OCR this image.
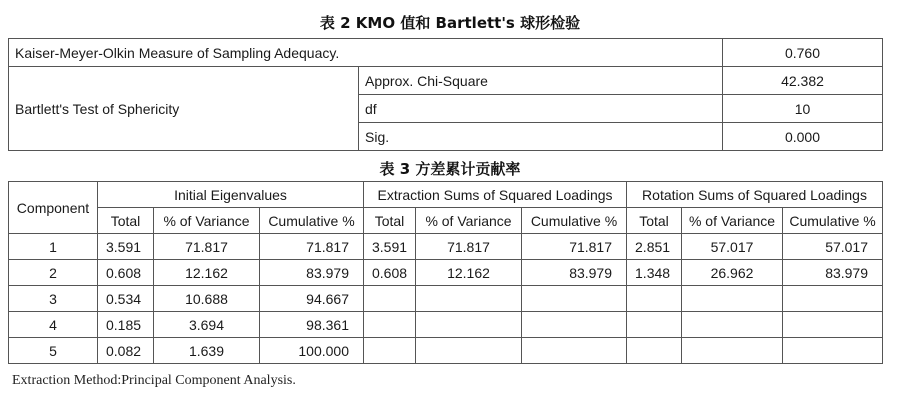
表 2 KMO 值和 Bartlett's 球形检验
Kaiser-Meyer-Olkin Measure of Sampling Adequacy.		0.760
Bartlett's Test of Sphericity	Approx. Chi-Square	42.382
	df	10
	Sig.	0.000
表 3 方差累计贡献率
Component	Initial Eigenvalues			Extraction Sums of Squared Loadings			Rotation Sums of Squared Loadings		
	Total	% of Variance	Cumulative %	Total	% of Variance	Cumulative %	Total	% of Variance	Cumulative %
1	3.591	71.817	71.817	3.591	71.817	71.817	2.851	57.017	57.017
2	0.608	12.162	83.979	0.608	12.162	83.979	1.348	26.962	83.979
3	0.534	10.688	94.667						
4	0.185	3.694	98.361						
5	0.082	1.639	100.000						
Extraction Method:Principal Component Analysis.
